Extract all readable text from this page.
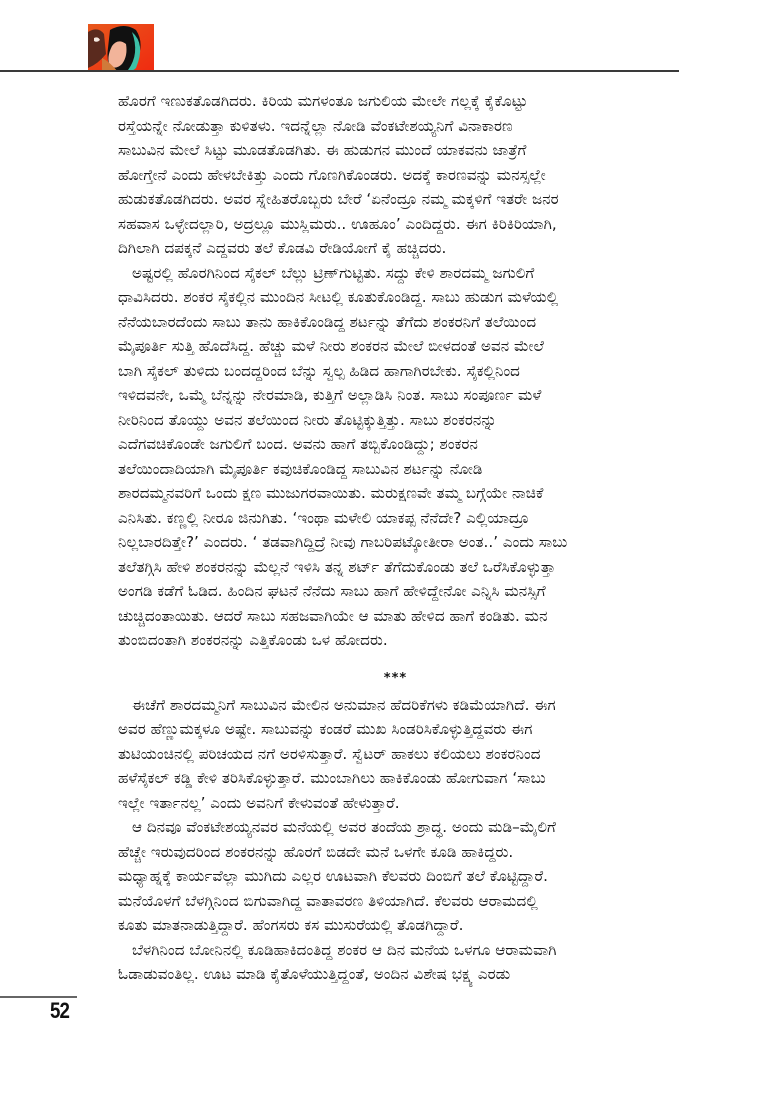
ಹೊರಗೆ ಇಣುಕತೊಡಗಿದರು. ಕಿರಿಯ ಮಗಳಂತೂ ಜಗುಲಿಯ ಮೇಲೇ ಗಲ್ಲಕ್ಕೆ ಕೈಕೊಟ್ಟು
ರಸ್ತೆಯನ್ನೇ ನೋಡುತ್ತಾ ಕುಳಿತಳು. ಇದನ್ನೆಲ್ಲಾ ನೋಡಿ ವೆಂಕಟೇಶಯ್ಯನಿಗೆ ವಿನಾಕಾರಣ
ಸಾಬುವಿನ ಮೇಲೆ ಸಿಟ್ಟು ಮೂಡತೊಡಗಿತು. ಈ ಹುಡುಗನ ಮುಂದೆ ಯಾಕವನು ಜಾತ್ರೆಗೆ
ಹೋಗ್ತೇನೆ ಎಂದು ಹೇಳಬೇಕಿತ್ತು ಎಂದು ಗೊಣಗಿಕೊಂಡರು. ಅದಕ್ಕೆ ಕಾರಣವನ್ನು ಮನಸ್ಸಲ್ಲೇ
ಹುಡುಕತೊಡಗಿದರು. ಅವರ ಸ್ನೇಹಿತರೊಬ್ಬರು ಬೇರೆ ‘ಏನೆಂದ್ರೂ ನಮ್ಮ ಮಕ್ಕಳಿಗೆ ಇತರೇ ಜನರ
ಸಹವಾಸ ಒಳ್ಳೇದಲ್ಲಾರಿ, ಅದ್ರಲ್ಲೂ ಮುಸ್ಲಿಮರು.. ಊಹೂಂ’ ಎಂದಿದ್ದರು. ಈಗ ಕಿರಿಕಿರಿಯಾಗಿ,
ದಿಗಿಲಾಗಿ ದಪಕ್ಕನೆ ಎದ್ದವರು ತಲೆ ಕೊಡವಿ ರೇಡಿಯೋಗೆ ಕೈ ಹಚ್ಚಿದರು.

ಅಷ್ಟರಲ್ಲಿ ಹೊರಗಿನಿಂದ ಸೈಕಲ್ ಬೆಲ್ಲು ಟ್ರಿಣ್‌ಗುಟ್ಟಿತು. ಸದ್ದು ಕೇಳಿ ಶಾರದಮ್ಮ ಜಗುಲಿಗೆ
ಧಾವಿಸಿದರು. ಶಂಕರ ಸೈಕಲ್ಲಿನ ಮುಂದಿನ ಸೀಟಲ್ಲಿ ಕೂತುಕೊಂಡಿದ್ದ. ಸಾಬು ಹುಡುಗ ಮಳೆಯಲ್ಲಿ
ನೆನೆಯಬಾರದೆಂದು ಸಾಬು ತಾನು ಹಾಕಿಕೊಂಡಿದ್ದ ಶರ್ಟನ್ನು ತೆಗೆದು ಶಂಕರನಿಗೆ ತಲೆಯಿಂದ
ಮೈಪೂರ್ತಿ ಸುತ್ತಿ ಹೊದೆಸಿದ್ದ. ಹೆಚ್ಚು ಮಳೆ ನೀರು ಶಂಕರನ ಮೇಲೆ ಬೀಳದಂತೆ ಅವನ ಮೇಲೆ
ಬಾಗಿ ಸೈಕಲ್ ತುಳಿದು ಬಂದದ್ದರಿಂದ ಬೆನ್ನು ಸ್ವಲ್ಪ ಹಿಡಿದ ಹಾಗಾಗಿರಬೇಕು. ಸೈಕಲ್ಲಿನಿಂದ
ಇಳಿದವನೇ, ಒಮ್ಮೆ ಬೆನ್ನನ್ನು ನೇರಮಾಡಿ, ಕುತ್ತಿಗೆ ಅಲ್ಲಾಡಿಸಿ ನಿಂತ. ಸಾಬು ಸಂಪೂರ್ಣ ಮಳೆ
ನೀರಿನಿಂದ ತೊಯ್ದು ಅವನ ತಲೆಯಿಂದ ನೀರು ತೊಟ್ಟಿಕ್ಕುತ್ತಿತ್ತು. ಸಾಬು ಶಂಕರನನ್ನು
ಎದೆಗವಚಿಕೊಂಡೇ ಜಗುಲಿಗೆ ಬಂದ. ಅವನು ಹಾಗೆ ತಬ್ಬಿಕೊಂಡಿದ್ದು; ಶಂಕರನ
ತಲೆಯಿಂದಾದಿಯಾಗಿ ಮೈಪೂರ್ತಿ ಕವುಚಿಕೊಂಡಿದ್ದ ಸಾಬುವಿನ ಶರ್ಟನ್ನು ನೋಡಿ
ಶಾರದಮ್ಮನವರಿಗೆ ಒಂದು ಕ್ಷಣ ಮುಜುಗರವಾಯಿತು. ಮರುಕ್ಷಣವೇ ತಮ್ಮ ಬಗ್ಗೆಯೇ ನಾಚಿಕೆ
ಎನಿಸಿತು. ಕಣ್ಣಲ್ಲಿ ನೀರೂ ಜಿನುಗಿತು. ‘ಇಂಥಾ ಮಳೇಲಿ ಯಾಕಪ್ಪ ನೆನೆದೇ? ಎಲ್ಲಿಯಾದ್ರೂ
ನಿಲ್ಲಬಾರದಿತ್ತೇ?’ ಎಂದರು. ‘ ತಡವಾಗಿದ್ದಿದ್ರೆ ನೀವು ಗಾಬರಿಪಟ್ಕೋತೀರಾ ಅಂತ..’ ಎಂದು ಸಾಬು
ತಲೆತಗ್ಗಿಸಿ ಹೇಳಿ ಶಂಕರನನ್ನು ಮೆಲ್ಲನೆ ಇಳಿಸಿ ತನ್ನ ಶರ್ಟ್ ತೆಗೆದುಕೊಂಡು ತಲೆ ಒರೆಸಿಕೊಳ್ಳುತ್ತಾ
ಅಂಗಡಿ ಕಡೆಗೆ ಓಡಿದ. ಹಿಂದಿನ ಘಟನೆ ನೆನೆದು ಸಾಬು ಹಾಗೆ ಹೇಳಿದ್ದೇನೋ ಎನ್ನಿಸಿ ಮನಸ್ಸಿಗೆ
ಚುಚ್ಚಿದಂತಾಯಿತು. ಆದರೆ ಸಾಬು ಸಹಜವಾಗಿಯೇ ಆ ಮಾತು ಹೇಳಿದ ಹಾಗೆ ಕಂಡಿತು. ಮನ
ತುಂಬಿದಂತಾಗಿ ಶಂಕರನನ್ನು ಎತ್ತಿಕೊಂಡು ಒಳ ಹೋದರು.

***

ಈಚೆಗೆ ಶಾರದಮ್ಮನಿಗೆ ಸಾಬುವಿನ ಮೇಲಿನ ಅನುಮಾನ ಹೆದರಿಕೆಗಳು ಕಡಿಮೆಯಾಗಿದೆ. ಈಗ
ಅವರ ಹೆಣ್ಣುಮಕ್ಕಳೂ ಅಷ್ಟೇ. ಸಾಬುವನ್ನು ಕಂಡರೆ ಮುಖ ಸಿಂಡರಿಸಿಕೊಳ್ಳುತ್ತಿದ್ದವರು ಈಗ
ತುಟಿಯಂಚಿನಲ್ಲಿ ಪರಿಚಯದ ನಗೆ ಅರಳಿಸುತ್ತಾರೆ. ಸ್ವೆಟರ್ ಹಾಕಲು ಕಲಿಯಲು ಶಂಕರನಿಂದ
ಹಳೆಸೈಕಲ್ ಕಡ್ಡಿ ಕೇಳಿ ತರಿಸಿಕೊಳ್ಳುತ್ತಾರೆ. ಮುಂಬಾಗಿಲು ಹಾಕಿಕೊಂಡು ಹೋಗುವಾಗ ‘ಸಾಬು
ಇಲ್ಲೇ ಇರ್ತಾನಲ್ಲ’ ಎಂದು ಅವನಿಗೆ ಕೇಳುವಂತೆ ಹೇಳುತ್ತಾರೆ.

ಆ ದಿನವೂ ವೆಂಕಟೇಶಯ್ಯನವರ ಮನೆಯಲ್ಲಿ ಅವರ ತಂದೆಯ ಶ್ರಾದ್ಧ. ಅಂದು ಮಡಿ–ಮೈಲಿಗೆ
ಹೆಚ್ಚೇ ಇರುವುದರಿಂದ ಶಂಕರನನ್ನು ಹೊರಗೆ ಬಿಡದೇ ಮನೆ ಒಳಗೇ ಕೂಡಿ ಹಾಕಿದ್ದರು.
ಮಧ್ಯಾಹ್ನಕ್ಕೆ ಕಾರ್ಯವೆಲ್ಲಾ ಮುಗಿದು ಎಲ್ಲರ ಊಟವಾಗಿ ಕೆಲವರು ದಿಂಬಿಗೆ ತಲೆ ಕೊಟ್ಟಿದ್ದಾರೆ.
ಮನೆಯೊಳಗೆ ಬೆಳಗ್ಗಿನಿಂದ ಬಿಗುವಾಗಿದ್ದ ವಾತಾವರಣ ತಿಳಿಯಾಗಿದೆ. ಕೆಲವರು ಆರಾಮದಲ್ಲಿ
ಕೂತು ಮಾತನಾಡುತ್ತಿದ್ದಾರೆ. ಹೆಂಗಸರು ಕಸ ಮುಸುರೆಯಲ್ಲಿ ತೊಡಗಿದ್ದಾರೆ.

ಬೆಳಗಿನಿಂದ ಬೋನಿನಲ್ಲಿ ಕೂಡಿಹಾಕಿದಂತಿದ್ದ ಶಂಕರ ಆ ದಿನ ಮನೆಯ ಒಳಗೂ ಆರಾಮವಾಗಿ
ಓಡಾಡುವಂತಿಲ್ಲ. ಊಟ ಮಾಡಿ ಕೈತೊಳೆಯುತ್ತಿದ್ದಂತೆ, ಅಂದಿನ ವಿಶೇಷ ಭಕ್ಷ್ಯ ಎರಡು

52
